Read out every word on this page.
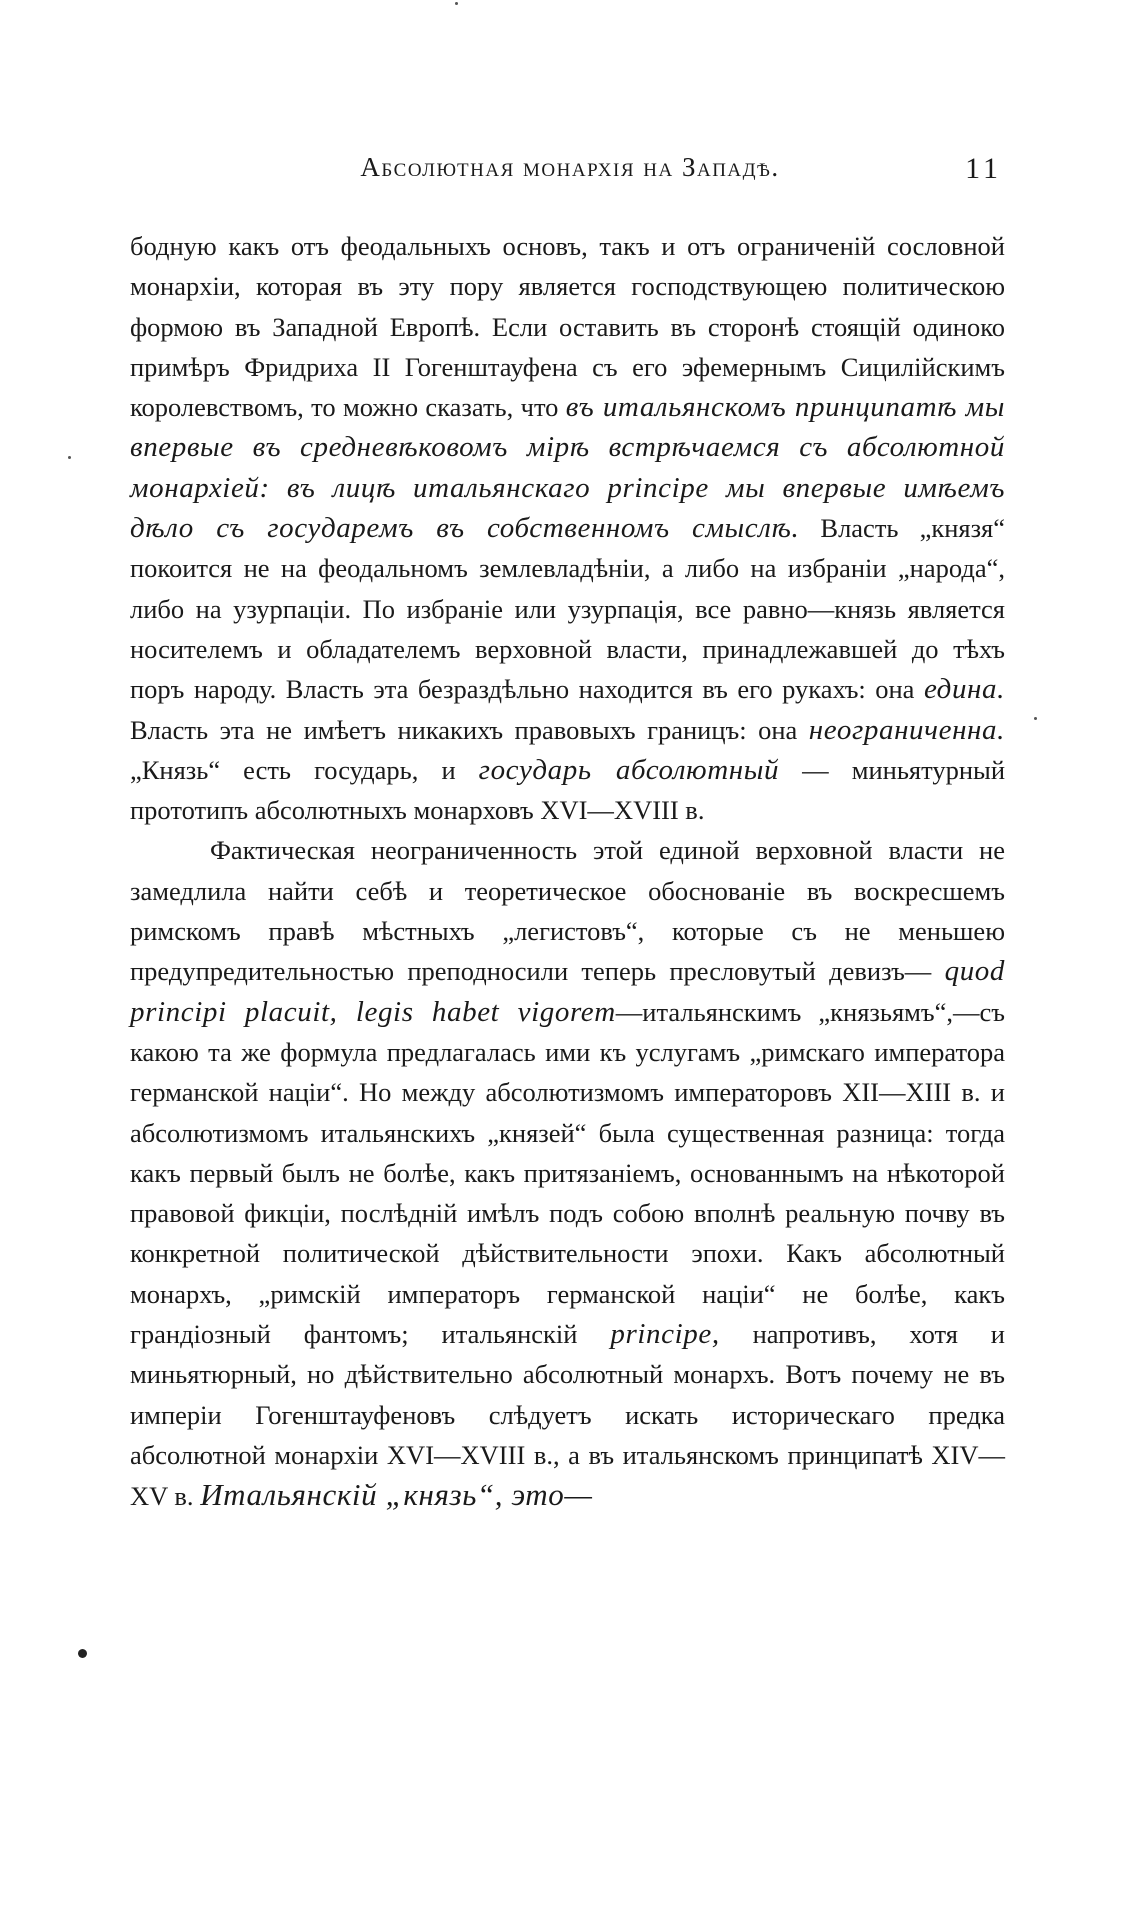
Абсолютная монархія на Западѣ.	11

бодную какъ отъ феодальныхъ основъ, такъ и отъ ограниченій сословной монархіи, которая въ эту пору является господствующею политическою формою въ Западной Европѣ. Если оставить въ сторонѣ стоящій одиноко примѣръ Фридриха II Гогенштауфена съ его эфемернымъ Сицилійскимъ королевствомъ, то можно сказать, что въ итальянскомъ принципатѣ мы впервые въ средневѣковомъ мірѣ встрѣчаемся съ абсолютной монархіей: въ лицѣ итальянскаго principe мы впервые имѣемъ дѣло съ государемъ въ собственномъ смыслѣ. Власть „князя“ покоится не на феодальномъ землевладѣніи, а либо на избраніи „народа“, либо на узурпаціи. По избраніе или узурпація, все равно—князь является носителемъ и обладателемъ верховной власти, принадлежавшей до тѣхъ поръ народу. Власть эта безраздѣльно находится въ его рукахъ: она едина. Власть эта не имѣетъ никакихъ правовыхъ границъ: она неограниченна. „Князь“ есть государь, и государь абсолютный — миньятурный прототипъ абсолютныхъ монарховъ XVI—XVIII в.

Фактическая неограниченность этой единой верховной власти не замедлила найти себѣ и теоретическое обоснованіе въ воскресшемъ римскомъ правѣ мѣстныхъ „легистовъ“, которые съ не меньшею предупредительностью преподносили теперь пресловутый девизъ— quod principi placuit, legis habet vigorem—итальянскимъ „князьямъ“,—съ какою та же формула предлагалась ими къ услугамъ „римскаго императора германской націи“. Но между абсолютизмомъ императоровъ XII—XIII в. и абсолютизмомъ итальянскихъ „князей“ была существенная разница: тогда какъ первый былъ не болѣе, какъ притязаніемъ, основаннымъ на нѣкоторой правовой фикціи, послѣдній имѣлъ подъ собою вполнѣ реальную почву въ конкретной политической дѣйствительности эпохи. Какъ абсолютный монархъ, „римскій императоръ германской націи“ не болѣе, какъ грандіозный фантомъ; итальянскій principe, напротивъ, хотя и миньятюрный, но дѣйствительно абсолютный монархъ. Вотъ почему не въ имперіи Гогенштауфеновъ слѣдуетъ искать историческаго предка абсолютной монархіи XVI—XVIII в., а въ итальянскомъ принципатѣ XIV—XV в. Итальянскій „князь“, это—
